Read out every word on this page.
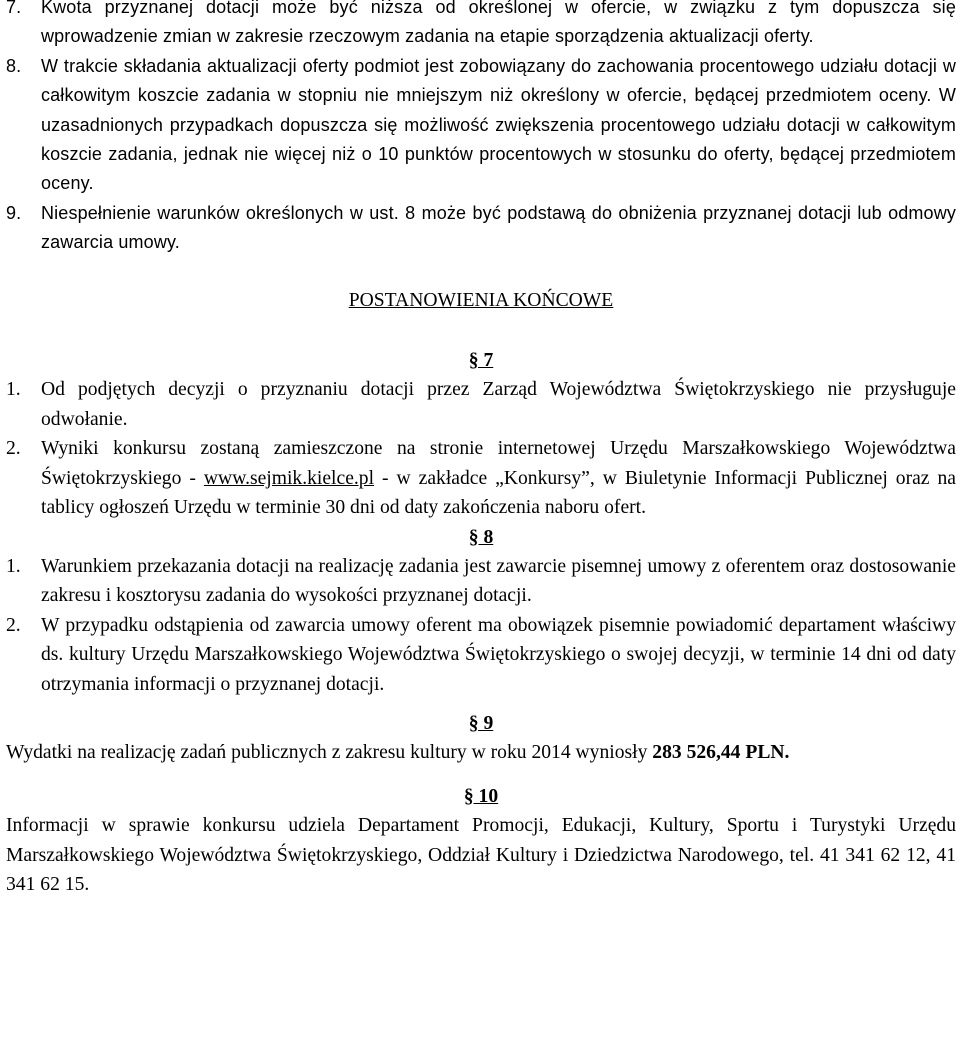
7.	Kwota przyznanej dotacji może być niższa od określonej w ofercie, w związku z tym dopuszcza się wprowadzenie zmian w zakresie rzeczowym zadania na etapie sporządzenia aktualizacji oferty.
8.	W trakcie składania aktualizacji oferty podmiot jest zobowiązany do zachowania procentowego udziału dotacji w całkowitym koszcie zadania w stopniu nie mniejszym niż określony w ofercie, będącej przedmiotem oceny. W uzasadnionych przypadkach dopuszcza się możliwość zwiększenia procentowego udziału dotacji w całkowitym koszcie zadania, jednak nie więcej niż o 10 punktów procentowych w stosunku do oferty, będącej przedmiotem oceny.
9.	Niespełnienie warunków określonych w ust. 8 może być podstawą do obniżenia przyznanej dotacji lub odmowy zawarcia umowy.
POSTANOWIENIA KOŃCOWE
§ 7
1.	Od podjętych decyzji o przyznaniu dotacji przez Zarząd Województwa Świętokrzyskiego nie przysługuje odwołanie.
2.	Wyniki konkursu zostaną zamieszczone na stronie internetowej Urzędu Marszałkowskiego Województwa Świętokrzyskiego - www.sejmik.kielce.pl - w zakładce „Konkursy”, w Biuletynie Informacji Publicznej oraz na tablicy ogłoszeń Urzędu w terminie 30 dni od daty zakończenia naboru ofert.
§ 8
1.	Warunkiem przekazania dotacji na realizację zadania jest zawarcie pisemnej umowy z oferentem oraz dostosowanie zakresu i kosztorysu zadania do wysokości przyznanej dotacji.
2.	W przypadku odstąpienia od zawarcia umowy oferent ma obowiązek pisemnie powiadomić departament właściwy ds. kultury Urzędu Marszałkowskiego Województwa Świętokrzyskiego o swojej decyzji, w terminie 14 dni od daty otrzymania informacji o przyznanej dotacji.
§ 9
Wydatki na realizację zadań publicznych z zakresu kultury w roku 2014 wyniosły 283 526,44 PLN.
§ 10
Informacji w sprawie konkursu udziela Departament Promocji, Edukacji, Kultury, Sportu i Turystyki Urzędu Marszałkowskiego Województwa Świętokrzyskiego, Oddział Kultury i Dziedzictwa Narodowego, tel. 41 341 62 12, 41 341 62 15.
